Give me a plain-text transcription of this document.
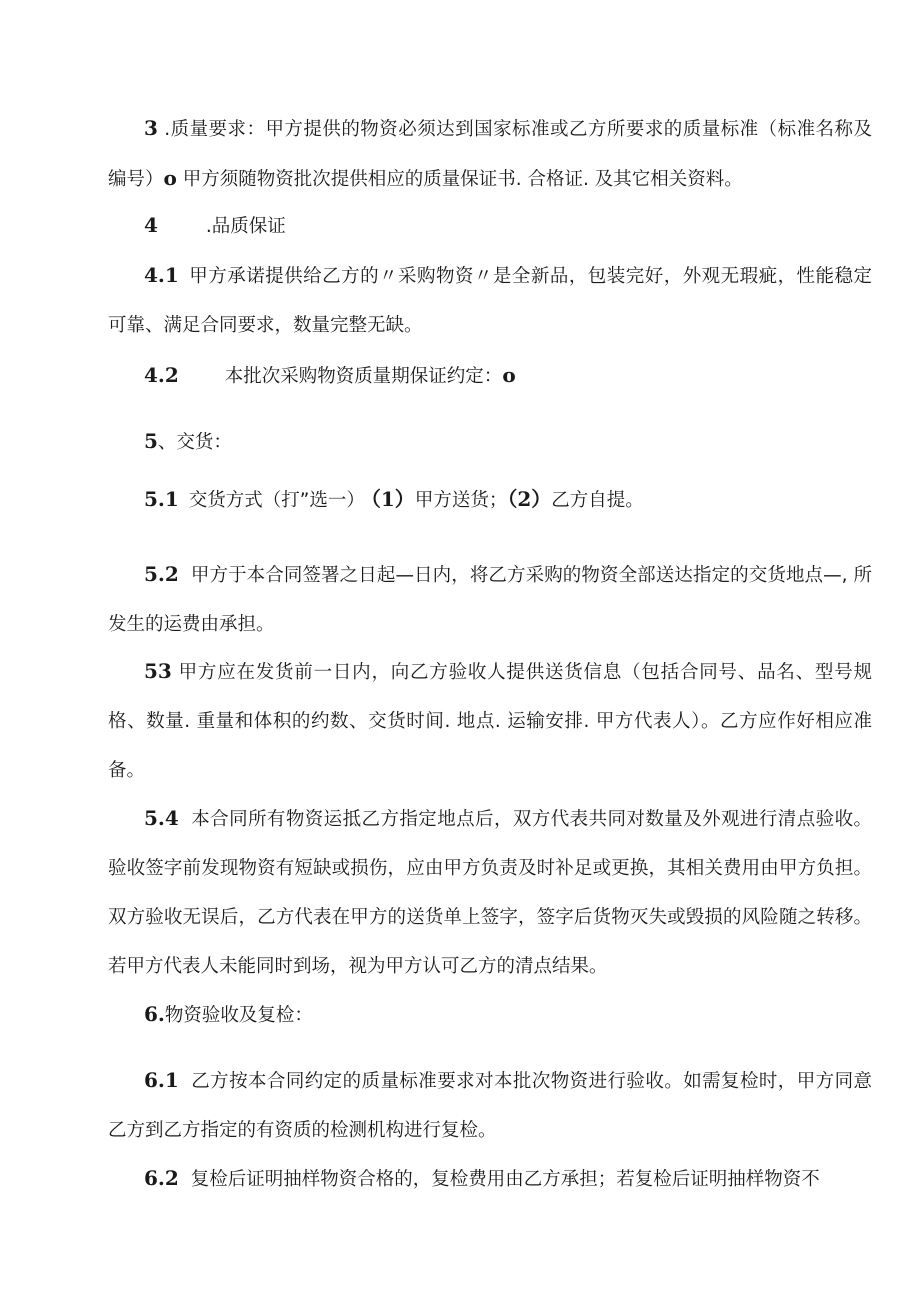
3 .质量要求：甲方提供的物资必须达到国家标准或乙方所要求的质量标准（标准名称及编号）o 甲方须随物资批次提供相应的质量保证书. 合格证. 及其它相关资料。

4	.品质保证

4.1 甲方承诺提供给乙方的〃采购物资〃是全新品，包装完好，外观无瑕疵，性能稳定可靠、满足合同要求，数量完整无缺。

4.2 本批次采购物资质量期保证约定：o

5、交货：

5.1 交货方式（打”选一） （1）甲方送货；（2）乙方自提。

5.2 甲方于本合同签署之日起—日内，将乙方采购的物资全部送达指定的交货地点—, 所发生的运费由承担。

53 甲方应在发货前一日内，向乙方验收人提供送货信息（包括合同号、品名、型号规格、数量. 重量和体积的约数、交货时间. 地点. 运输安排. 甲方代表人）。乙方应作好相应准备。

5.4 本合同所有物资运抵乙方指定地点后，双方代表共同对数量及外观进行清点验收。验收签字前发现物资有短缺或损伤，应由甲方负责及时补足或更换，其相关费用由甲方负担。双方验收无误后，乙方代表在甲方的送货单上签字，签字后货物灭失或毁损的风险随之转移。若甲方代表人未能同时到场，视为甲方认可乙方的清点结果。

6.物资验收及复检：

6.1 乙方按本合同约定的质量标准要求对本批次物资进行验收。如需复检时，甲方同意乙方到乙方指定的有资质的检测机构进行复检。

6.2 复检后证明抽样物资合格的，复检费用由乙方承担；若复检后证明抽样物资不
